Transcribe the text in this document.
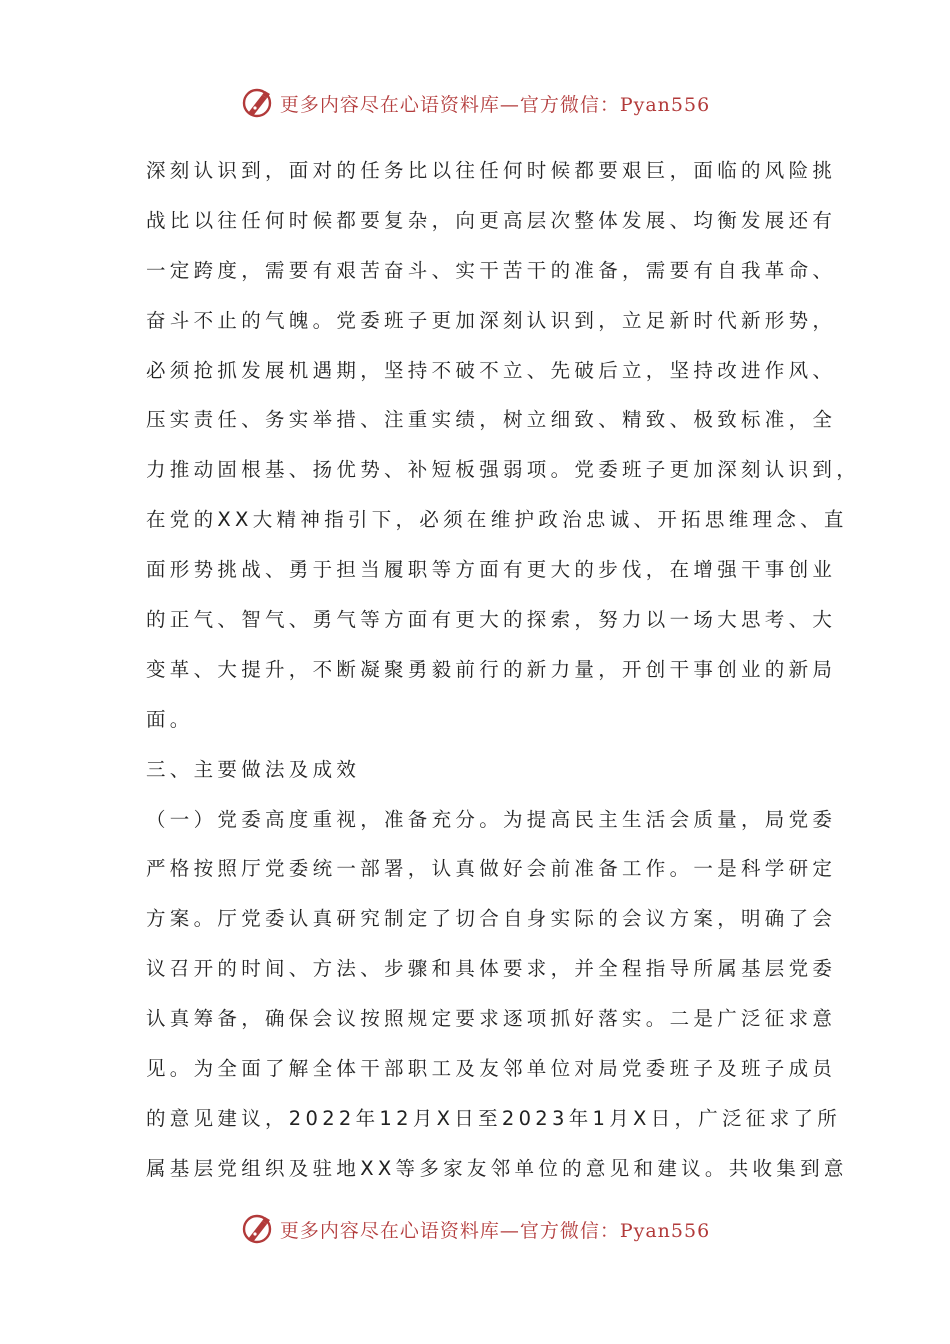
更多内容尽在心语资料库—官方微信：Pyan556
深刻认识到，面对的任务比以往任何时候都要艰巨，面临的风险挑
战比以往任何时候都要复杂，向更高层次整体发展、均衡发展还有
一定跨度，需要有艰苦奋斗、实干苦干的准备，需要有自我革命、
奋斗不止的气魄。党委班子更加深刻认识到，立足新时代新形势，
必须抢抓发展机遇期，坚持不破不立、先破后立，坚持改进作风、
压实责任、务实举措、注重实绩，树立细致、精致、极致标准，全
力推动固根基、扬优势、补短板强弱项。党委班子更加深刻认识到，
在党的XX大精神指引下，必须在维护政治忠诚、开拓思维理念、直
面形势挑战、勇于担当履职等方面有更大的步伐，在增强干事创业
的正气、智气、勇气等方面有更大的探索，努力以一场大思考、大
变革、大提升，不断凝聚勇毅前行的新力量，开创干事创业的新局
面。
三、主要做法及成效
（一）党委高度重视，准备充分。为提高民主生活会质量，局党委
严格按照厅党委统一部署，认真做好会前准备工作。一是科学研定
方案。厅党委认真研究制定了切合自身实际的会议方案，明确了会
议召开的时间、方法、步骤和具体要求，并全程指导所属基层党委
认真筹备，确保会议按照规定要求逐项抓好落实。二是广泛征求意
见。为全面了解全体干部职工及友邻单位对局党委班子及班子成员
的意见建议，2022年12月X日至2023年1月X日，广泛征求了所
属基层党组织及驻地XX等多家友邻单位的意见和建议。共收集到意
更多内容尽在心语资料库—官方微信：Pyan556
